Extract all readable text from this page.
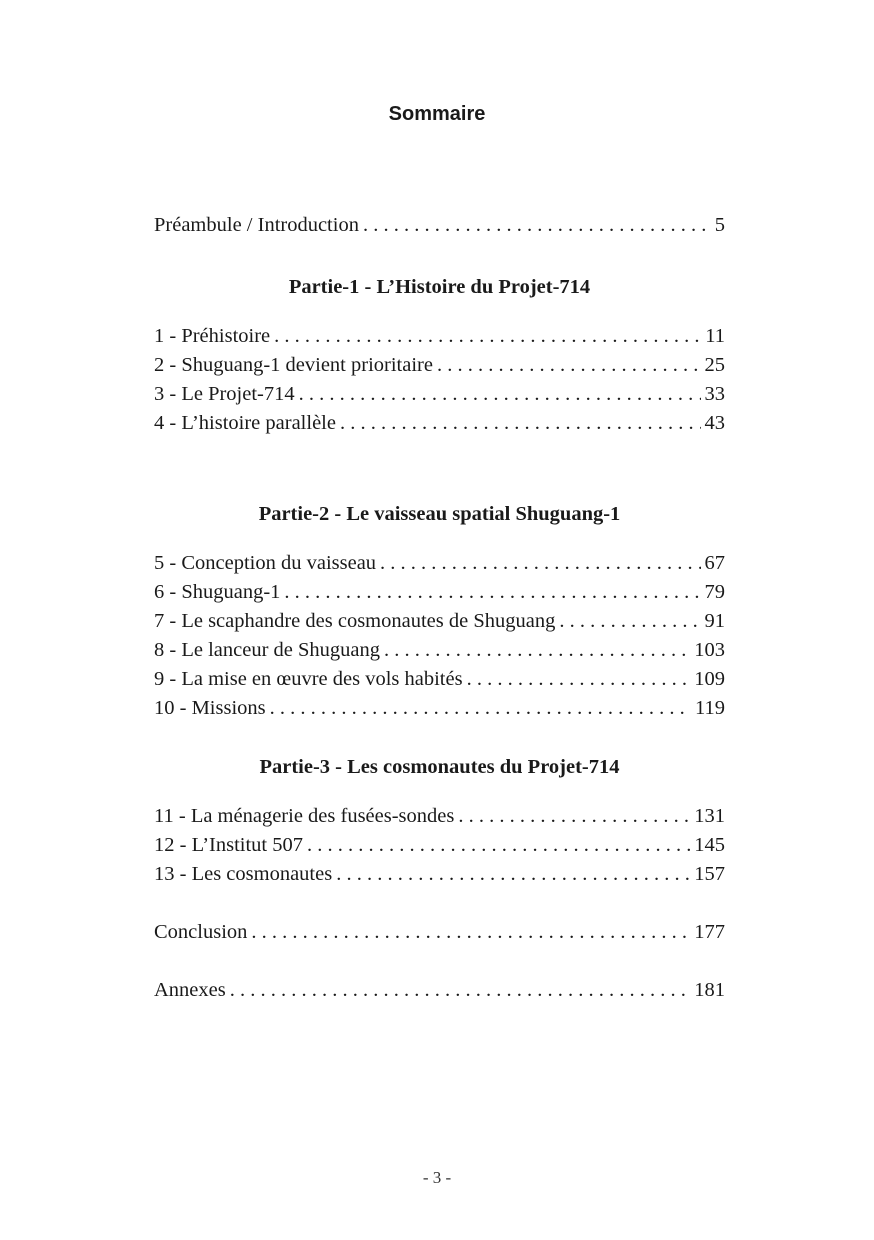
Sommaire
Préambule / Introduction . . .	5
Partie-1 - L’Histoire du Projet-714
1 - Préhistoire . . .	11
2 - Shuguang-1 devient prioritaire . . .	25
3 - Le Projet-714 . . .	33
4 - L’histoire parallèle . . .	43
Partie-2 - Le vaisseau spatial Shuguang-1
5 - Conception du vaisseau . . .	67
6 - Shuguang-1 . . .	79
7 - Le scaphandre des cosmonautes de Shuguang . . .	91
8 - Le lanceur de Shuguang . . .	103
9 - La mise en œuvre des vols habités . . .	109
10 - Missions . . .	119
Partie-3 - Les cosmonautes du Projet-714
11 - La ménagerie des fusées-sondes . . .	131
12 - L’Institut 507 . . .	145
13 - Les cosmonautes . . .	157
Conclusion . . .	177
Annexes . . .	181
- 3 -
